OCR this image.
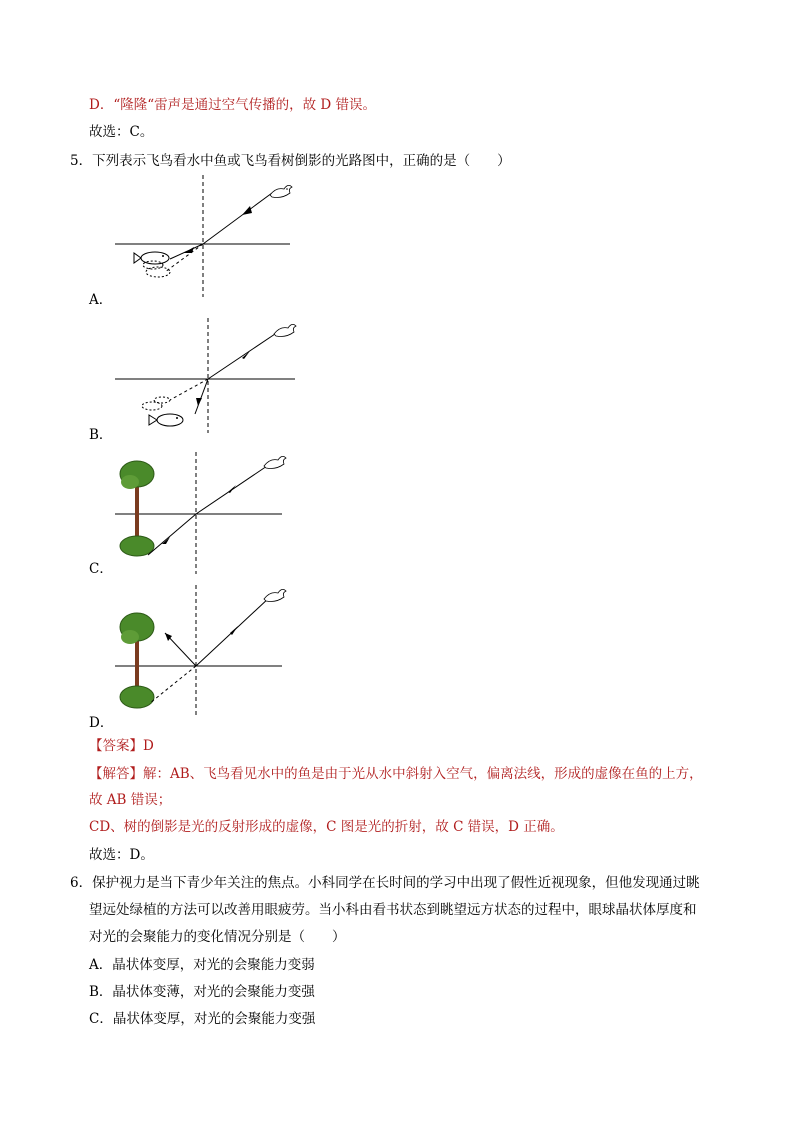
D．“隆隆“雷声是通过空气传播的，故 D 错误。
故选：C。
5．下列表示飞鸟看水中鱼或飞鸟看树倒影的光路图中，正确的是（　　）
A．
B．
C．
D．
【答案】D
【解答】解：AB、飞鸟看见水中的鱼是由于光从水中斜射入空气，偏离法线，形成的虚像在鱼的上方，
故 AB 错误；
CD、树的倒影是光的反射形成的虚像，C 图是光的折射，故 C 错误，D 正确。
故选：D。
6．保护视力是当下青少年关注的焦点。小科同学在长时间的学习中出现了假性近视现象，但他发现通过眺
望远处绿植的方法可以改善用眼疲劳。当小科由看书状态到眺望远方状态的过程中，眼球晶状体厚度和
对光的会聚能力的变化情况分别是（　　）
A．晶状体变厚，对光的会聚能力变弱
B．晶状体变薄，对光的会聚能力变强
C．晶状体变厚，对光的会聚能力变强
